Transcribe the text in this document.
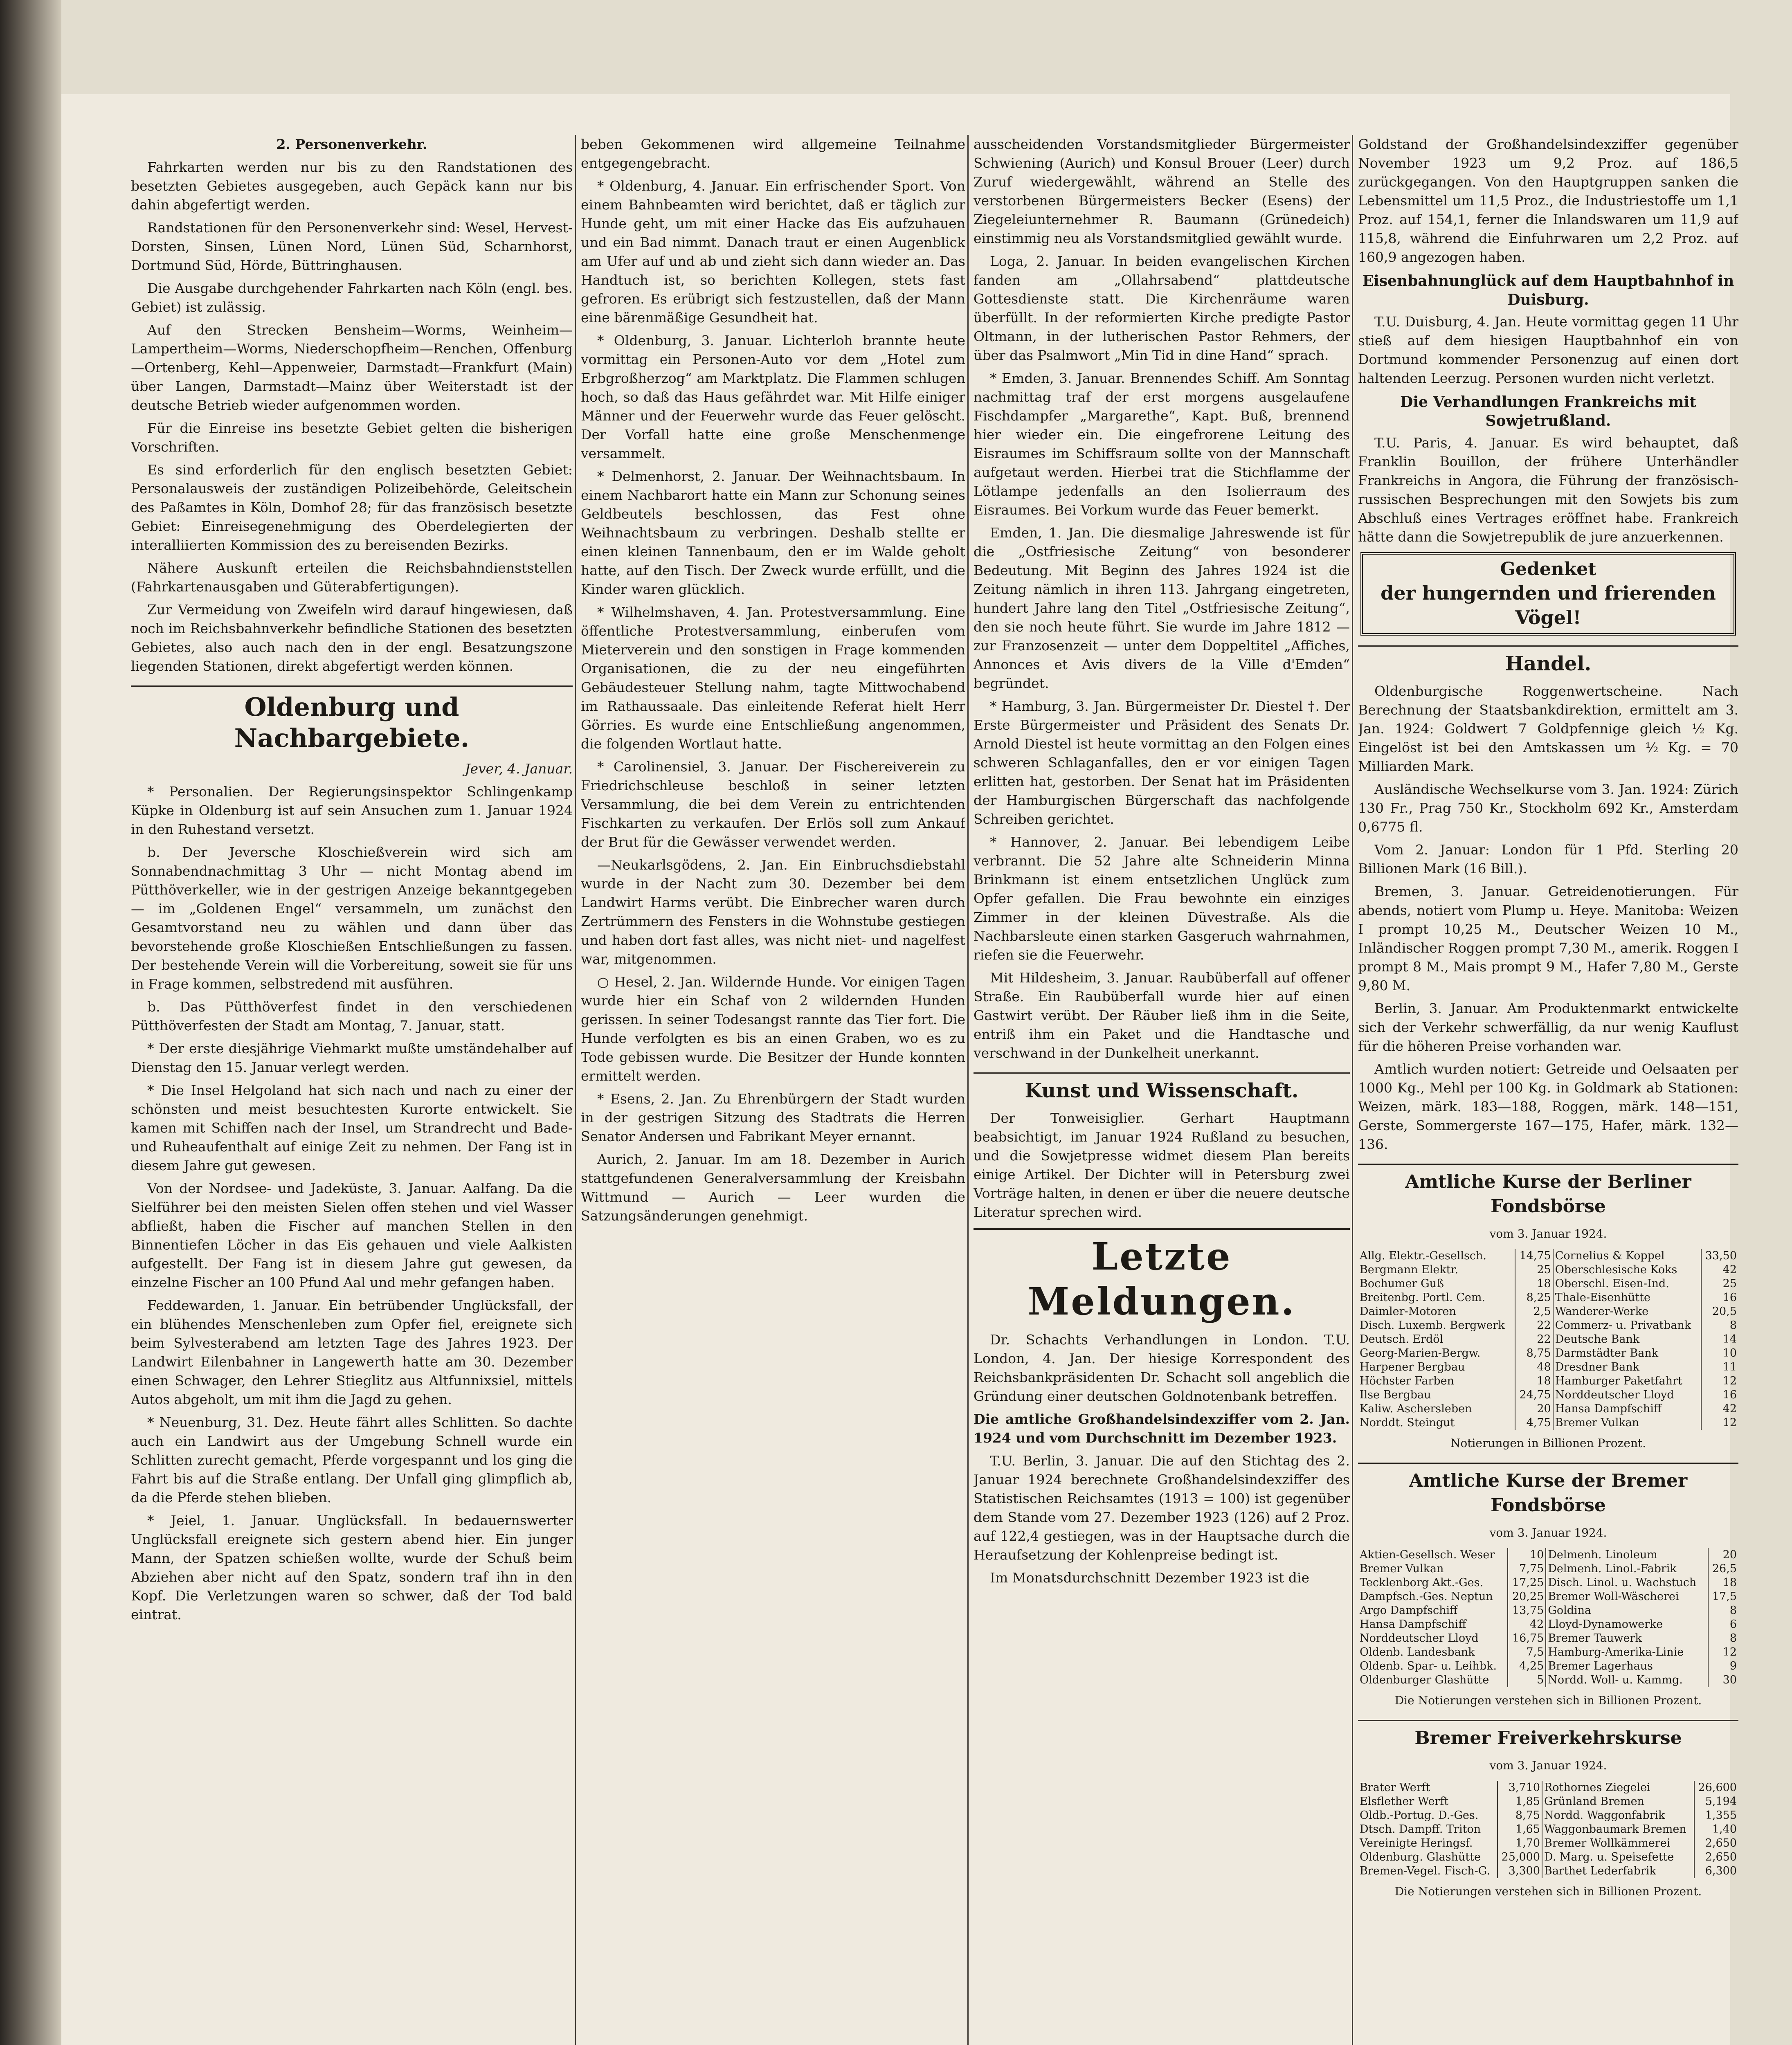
2. Personenverkehr.

Fahrkarten werden nur bis zu den Randstationen des besetzten Gebietes ausgegeben, auch Gepäck kann nur bis dahin abgefertigt werden.

Randstationen für den Personenverkehr sind: Wesel, Hervest-Dorsten, Sinsen, Lünen Nord, Lünen Süd, Scharnhorst, Dortmund Süd, Hörde, Büttringhausen.

Die Ausgabe durchgehender Fahrkarten nach Köln (engl. bes. Gebiet) ist zulässig.

Auf den Strecken Bensheim—Worms, Weinheim—Lampertheim—Worms, Niederschopfheim—Renchen, Offenburg—Ortenberg, Kehl—Appenweier, Darmstadt—Frankfurt (Main) über Langen, Darmstadt—Mainz über Weiterstadt ist der deutsche Betrieb wieder aufgenommen worden.

Für die Einreise ins besetzte Gebiet gelten die bisherigen Vorschriften.

Es sind erforderlich für den englisch besetzten Gebiet: Personalausweis der zuständigen Polizeibehörde, Geleitschein des Paßamtes in Köln, Domhof 28; für das französisch besetzte Gebiet: Einreisegenehmigung des Oberdelegierten der interalliierten Kommission des zu bereisenden Bezirks.

Nähere Auskunft erteilen die Reichsbahndienststellen (Fahrkartenausgaben und Güterabfertigungen).

Zur Vermeidung von Zweifeln wird darauf hingewiesen, daß noch im Reichsbahnverkehr befindliche Stationen des besetzten Gebietes, also auch nach den in der engl. Besatzungszone liegenden Stationen, direkt abgefertigt werden können.

Oldenburg und Nachbargebiete.

Jever, 4. Januar.

* Personalien. Der Regierungsinspektor Schlingenkamp Küpke in Oldenburg ist auf sein Ansuchen zum 1. Januar 1924 in den Ruhestand versetzt.

b. Der Jeversche Kloschießverein wird sich am Sonnabendnachmittag 3 Uhr — nicht Montag abend im Pütthöverkeller, wie in der gestrigen Anzeige bekanntgegeben — im „Goldenen Engel“ versammeln, um zunächst den Gesamtvorstand neu zu wählen und dann über das bevorstehende große Kloschießen Entschließungen zu fassen. Der bestehende Verein will die Vorbereitung, soweit sie für uns in Frage kommen, selbstredend mit ausführen.

b. Das Pütthöverfest findet in den verschiedenen Pütthöverfesten der Stadt am Montag, 7. Januar, statt.

* Der erste diesjährige Viehmarkt mußte umständehalber auf Dienstag den 15. Januar verlegt werden.

* Die Insel Helgoland hat sich nach und nach zu einer der schönsten und meist besuchtesten Kurorte entwickelt. Sie kamen mit Schiffen nach der Insel, um Strandrecht und Bade- und Ruheaufenthalt auf einige Zeit zu nehmen. Der Fang ist in diesem Jahre gut gewesen.

Von der Nordsee- und Jadeküste, 3. Januar. Aalfang. Da die Sielführer bei den meisten Sielen offen stehen und viel Wasser abfließt, haben die Fischer auf manchen Stellen in den Binnentiefen Löcher in das Eis gehauen und viele Aalkisten aufgestellt. Der Fang ist in diesem Jahre gut gewesen, da einzelne Fischer an 100 Pfund Aal und mehr gefangen haben.

Feddewarden, 1. Januar. Ein betrübender Unglücksfall, der ein blühendes Menschenleben zum Opfer fiel, ereignete sich beim Sylvesterabend am letzten Tage des Jahres 1923. Der Landwirt Eilenbahner in Langewerth hatte am 30. Dezember einen Schwager, den Lehrer Stieglitz aus Altfunnixsiel, mittels Autos abgeholt, um mit ihm die Jagd zu gehen.

* Neuenburg, 31. Dez. Heute fährt alles Schlitten. So dachte auch ein Landwirt aus der Umgebung Schnell wurde ein Schlitten zurecht gemacht, Pferde vorgespannt und los ging die Fahrt bis auf die Straße entlang. Der Unfall ging glimpflich ab, da die Pferde stehen blieben.

* Jeiel, 1. Januar. Unglücksfall. In bedauernswerter Unglücksfall ereignete sich gestern abend hier. Ein junger Mann, der Spatzen schießen wollte, wurde der Schuß beim Abziehen aber nicht auf den Spatz, sondern traf ihn in den Kopf. Die Verletzungen waren so schwer, daß der Tod bald eintrat.

beben Gekommenen wird allgemeine Teilnahme entgegengebracht.

* Oldenburg, 4. Januar. Ein erfrischender Sport. Von einem Bahnbeamten wird berichtet, daß er täglich zur Hunde geht, um mit einer Hacke das Eis aufzuhauen und ein Bad nimmt. Danach traut er einen Augenblick am Ufer auf und ab und zieht sich dann wieder an. Das Handtuch ist, so berichten Kollegen, stets fast gefroren. Es erübrigt sich festzustellen, daß der Mann eine bärenmäßige Gesundheit hat.

* Oldenburg, 3. Januar. Lichterloh brannte heute vormittag ein Personen-Auto vor dem „Hotel zum Erbgroßherzog“ am Marktplatz. Die Flammen schlugen hoch, so daß das Haus gefährdet war. Mit Hilfe einiger Männer und der Feuerwehr wurde das Feuer gelöscht. Der Vorfall hatte eine große Menschenmenge versammelt.

* Delmenhorst, 2. Januar. Der Weihnachtsbaum. In einem Nachbarort hatte ein Mann zur Schonung seines Geldbeutels beschlossen, das Fest ohne Weihnachtsbaum zu verbringen. Deshalb stellte er einen kleinen Tannenbaum, den er im Walde geholt hatte, auf den Tisch. Der Zweck wurde erfüllt, und die Kinder waren glücklich.

* Wilhelmshaven, 4. Jan. Protestversammlung. Eine öffentliche Protestversammlung, einberufen vom Mieterverein und den sonstigen in Frage kommenden Organisationen, die zu der neu eingeführten Gebäudesteuer Stellung nahm, tagte Mittwochabend im Rathaussaale. Das einleitende Referat hielt Herr Görries. Es wurde eine Entschließung angenommen, die folgenden Wortlaut hatte.

* Carolinensiel, 3. Januar. Der Fischereiverein zu Friedrichschleuse beschloß in seiner letzten Versammlung, die bei dem Verein zu entrichtenden Fischkarten zu verkaufen. Der Erlös soll zum Ankauf der Brut für die Gewässer verwendet werden.

—Neukarlsgödens, 2. Jan. Ein Einbruchsdiebstahl wurde in der Nacht zum 30. Dezember bei dem Landwirt Harms verübt. Die Einbrecher waren durch Zertrümmern des Fensters in die Wohnstube gestiegen und haben dort fast alles, was nicht niet- und nagelfest war, mitgenommen.

○ Hesel, 2. Jan. Wildernde Hunde. Vor einigen Tagen wurde hier ein Schaf von 2 wildernden Hunden gerissen. In seiner Todesangst rannte das Tier fort. Die Hunde verfolgten es bis an einen Graben, wo es zu Tode gebissen wurde. Die Besitzer der Hunde konnten ermittelt werden.

* Esens, 2. Jan. Zu Ehrenbürgern der Stadt wurden in der gestrigen Sitzung des Stadtrats die Herren Senator Andersen und Fabrikant Meyer ernannt.

Aurich, 2. Januar. Im am 18. Dezember in Aurich stattgefundenen Generalversammlung der Kreisbahn Wittmund — Aurich — Leer wurden die Satzungsänderungen genehmigt.

ausscheidenden Vorstandsmitglieder Bürgermeister Schwiening (Aurich) und Konsul Brouer (Leer) durch Zuruf wiedergewählt, während an Stelle des verstorbenen Bürgermeisters Becker (Esens) der Ziegeleiunternehmer R. Baumann (Grünedeich) einstimmig neu als Vorstandsmitglied gewählt wurde.

Loga, 2. Januar. In beiden evangelischen Kirchen fanden am „Ollahrsabend“ plattdeutsche Gottesdienste statt. Die Kirchenräume waren überfüllt. In der reformierten Kirche predigte Pastor Oltmann, in der lutherischen Pastor Rehmers, der über das Psalmwort „Min Tid in dine Hand“ sprach.

* Emden, 3. Januar. Brennendes Schiff. Am Sonntag nachmittag traf der erst morgens ausgelaufene Fischdampfer „Margarethe“, Kapt. Buß, brennend hier wieder ein. Die eingefrorene Leitung des Eisraumes im Schiffsraum sollte von der Mannschaft aufgetaut werden. Hierbei trat die Stichflamme der Lötlampe jedenfalls an den Isolierraum des Eisraumes. Bei Vorkum wurde das Feuer bemerkt.

Emden, 1. Jan. Die diesmalige Jahreswende ist für die „Ostfriesische Zeitung“ von besonderer Bedeutung. Mit Beginn des Jahres 1924 ist die Zeitung nämlich in ihren 113. Jahrgang eingetreten, hundert Jahre lang den Titel „Ostfriesische Zeitung“, den sie noch heute führt. Sie wurde im Jahre 1812 — zur Franzosenzeit — unter dem Doppeltitel „Affiches, Annonces et Avis divers de la Ville d'Emden“ begründet.

* Hamburg, 3. Jan. Bürgermeister Dr. Diestel †. Der Erste Bürgermeister und Präsident des Senats Dr. Arnold Diestel ist heute vormittag an den Folgen eines schweren Schlaganfalles, den er vor einigen Tagen erlitten hat, gestorben. Der Senat hat im Präsidenten der Hamburgischen Bürgerschaft das nachfolgende Schreiben gerichtet.

* Hannover, 2. Januar. Bei lebendigem Leibe verbrannt. Die 52 Jahre alte Schneiderin Minna Brinkmann ist einem entsetzlichen Unglück zum Opfer gefallen. Die Frau bewohnte ein einziges Zimmer in der kleinen Düvestraße. Als die Nachbarsleute einen starken Gasgeruch wahrnahmen, riefen sie die Feuerwehr.

Mit Hildesheim, 3. Januar. Raubüberfall auf offener Straße. Ein Raubüberfall wurde hier auf einen Gastwirt verübt. Der Räuber ließ ihm in die Seite, entriß ihm ein Paket und die Handtasche und verschwand in der Dunkelheit unerkannt.

Kunst und Wissenschaft.

Der Tonweisiglier. Gerhart Hauptmann beabsichtigt, im Januar 1924 Rußland zu besuchen, und die Sowjetpresse widmet diesem Plan bereits einige Artikel. Der Dichter will in Petersburg zwei Vorträge halten, in denen er über die neuere deutsche Literatur sprechen wird.

Letzte Meldungen.

Dr. Schachts Verhandlungen in London. T.U. London, 4. Jan. Der hiesige Korrespondent des Reichsbankpräsidenten Dr. Schacht soll angeblich die Gründung einer deutschen Goldnotenbank betreffen.

Die amtliche Großhandelsindexziffer vom 2. Jan. 1924 und vom Durchschnitt im Dezember 1923.

T.U. Berlin, 3. Januar. Die auf den Stichtag des 2. Januar 1924 berechnete Großhandelsindexziffer des Statistischen Reichsamtes (1913 = 100) ist gegenüber dem Stande vom 27. Dezember 1923 (126) auf 2 Proz. auf 122,4 gestiegen, was in der Hauptsache durch die Heraufsetzung der Kohlenpreise bedingt ist.

Im Monatsdurchschnitt Dezember 1923 ist die

Goldstand der Großhandelsindexziffer gegenüber November 1923 um 9,2 Proz. auf 186,5 zurückgegangen. Von den Hauptgruppen sanken die Lebensmittel um 11,5 Proz., die Industriestoffe um 1,1 Proz. auf 154,1, ferner die Inlandswaren um 11,9 auf 115,8, während die Einfuhrwaren um 2,2 Proz. auf 160,9 angezogen haben.

Eisenbahnunglück auf dem Hauptbahnhof in Duisburg.

T.U. Duisburg, 4. Jan. Heute vormittag gegen 11 Uhr stieß auf dem hiesigen Hauptbahnhof ein von Dortmund kommender Personenzug auf einen dort haltenden Leerzug. Personen wurden nicht verletzt.

Die Verhandlungen Frankreichs mit Sowjetrußland.

T.U. Paris, 4. Januar. Es wird behauptet, daß Franklin Bouillon, der frühere Unterhändler Frankreichs in Angora, die Führung der französisch-russischen Besprechungen mit den Sowjets bis zum Abschluß eines Vertrages eröffnet habe. Frankreich hätte dann die Sowjetrepublik de jure anzuerkennen.

Gedenket
der hungernden und frierenden Vögel!
Handel.

Oldenburgische Roggenwertscheine. Nach Berechnung der Staatsbankdirektion, ermittelt am 3. Jan. 1924: Goldwert 7 Goldpfennige gleich ½ Kg. Eingelöst ist bei den Amtskassen um ½ Kg. = 70 Milliarden Mark.

Ausländische Wechselkurse vom 3. Jan. 1924: Zürich 130 Fr., Prag 750 Kr., Stockholm 692 Kr., Amsterdam 0,6775 fl.

Vom 2. Januar: London für 1 Pfd. Sterling 20 Billionen Mark (16 Bill.).

Bremen, 3. Januar. Getreidenotierungen. Für abends, notiert vom Plump u. Heye. Manitoba: Weizen I prompt 10,25 M., Deutscher Weizen 10 M., Inländischer Roggen prompt 7,30 M., amerik. Roggen I prompt 8 M., Mais prompt 9 M., Hafer 7,80 M., Gerste 9,80 M.

Berlin, 3. Januar. Am Produktenmarkt entwickelte sich der Verkehr schwerfällig, da nur wenig Kauflust für die höheren Preise vorhanden war.

Amtlich wurden notiert: Getreide und Oelsaaten per 1000 Kg., Mehl per 100 Kg. in Goldmark ab Stationen: Weizen, märk. 183—188, Roggen, märk. 148—151, Gerste, Sommergerste 167—175, Hafer, märk. 132—136.

Amtliche Kurse der Berliner Fondsbörse

vom 3. Januar 1924.

Allg. Elektr.-Gesellsch.	14,75	Cornelius & Koppel	33,50
Bergmann Elektr.	25	Oberschlesische Koks	42
Bochumer Guß	18	Oberschl. Eisen-Ind.	25
Breitenbg. Portl. Cem.	8,25	Thale-Eisenhütte	16
Daimler-Motoren	2,5	Wanderer-Werke	20,5
Disch. Luxemb. Bergwerk	22	Commerz- u. Privatbank	8
Deutsch. Erdöl	22	Deutsche Bank	14
Georg-Marien-Bergw.	8,75	Darmstädter Bank	10
Harpener Bergbau	48	Dresdner Bank	11
Höchster Farben	18	Hamburger Paketfahrt	12
Ilse Bergbau	24,75	Norddeutscher Lloyd	16
Kaliw. Aschersleben	20	Hansa Dampfschiff	42
Norddt. Steingut	4,75	Bremer Vulkan	12

Notierungen in Billionen Prozent.

Amtliche Kurse der Bremer Fondsbörse

vom 3. Januar 1924.

Aktien-Gesellsch. Weser	10	Delmenh. Linoleum	20
Bremer Vulkan	7,75	Delmenh. Linol.-Fabrik	26,5
Tecklenborg Akt.-Ges.	17,25	Disch. Linol. u. Wachstuch	18
Dampfsch.-Ges. Neptun	20,25	Bremer Woll-Wäscherei	17,5
Argo Dampfschiff	13,75	Goldina	8
Hansa Dampfschiff	42	Lloyd-Dynamowerke	6
Norddeutscher Lloyd	16,75	Bremer Tauwerk	8
Oldenb. Landesbank	7,5	Hamburg-Amerika-Linie	12
Oldenb. Spar- u. Leihbk.	4,25	Bremer Lagerhaus	9
Oldenburger Glashütte	5	Nordd. Woll- u. Kammg.	30

Die Notierungen verstehen sich in Billionen Prozent.

Bremer Freiverkehrskurse

vom 3. Januar 1924.

Brater Werft	3,710	Rothornes Ziegelei	26,600
Elsflether Werft	1,85	Grünland Bremen	5,194
Oldb.-Portug. D.-Ges.	8,75	Nordd. Waggonfabrik	1,355
Dtsch. Dampff. Triton	1,65	Waggonbaumark Bremen	1,40
Vereinigte Heringsf.	1,70	Bremer Wollkämmerei	2,650
Oldenburg. Glashütte	25,000	D. Marg. u. Speisefette	2,650
Bremen-Vegel. Fisch-G.	3,300	Barthet Lederfabrik	6,300

Die Notierungen verstehen sich in Billionen Prozent.
